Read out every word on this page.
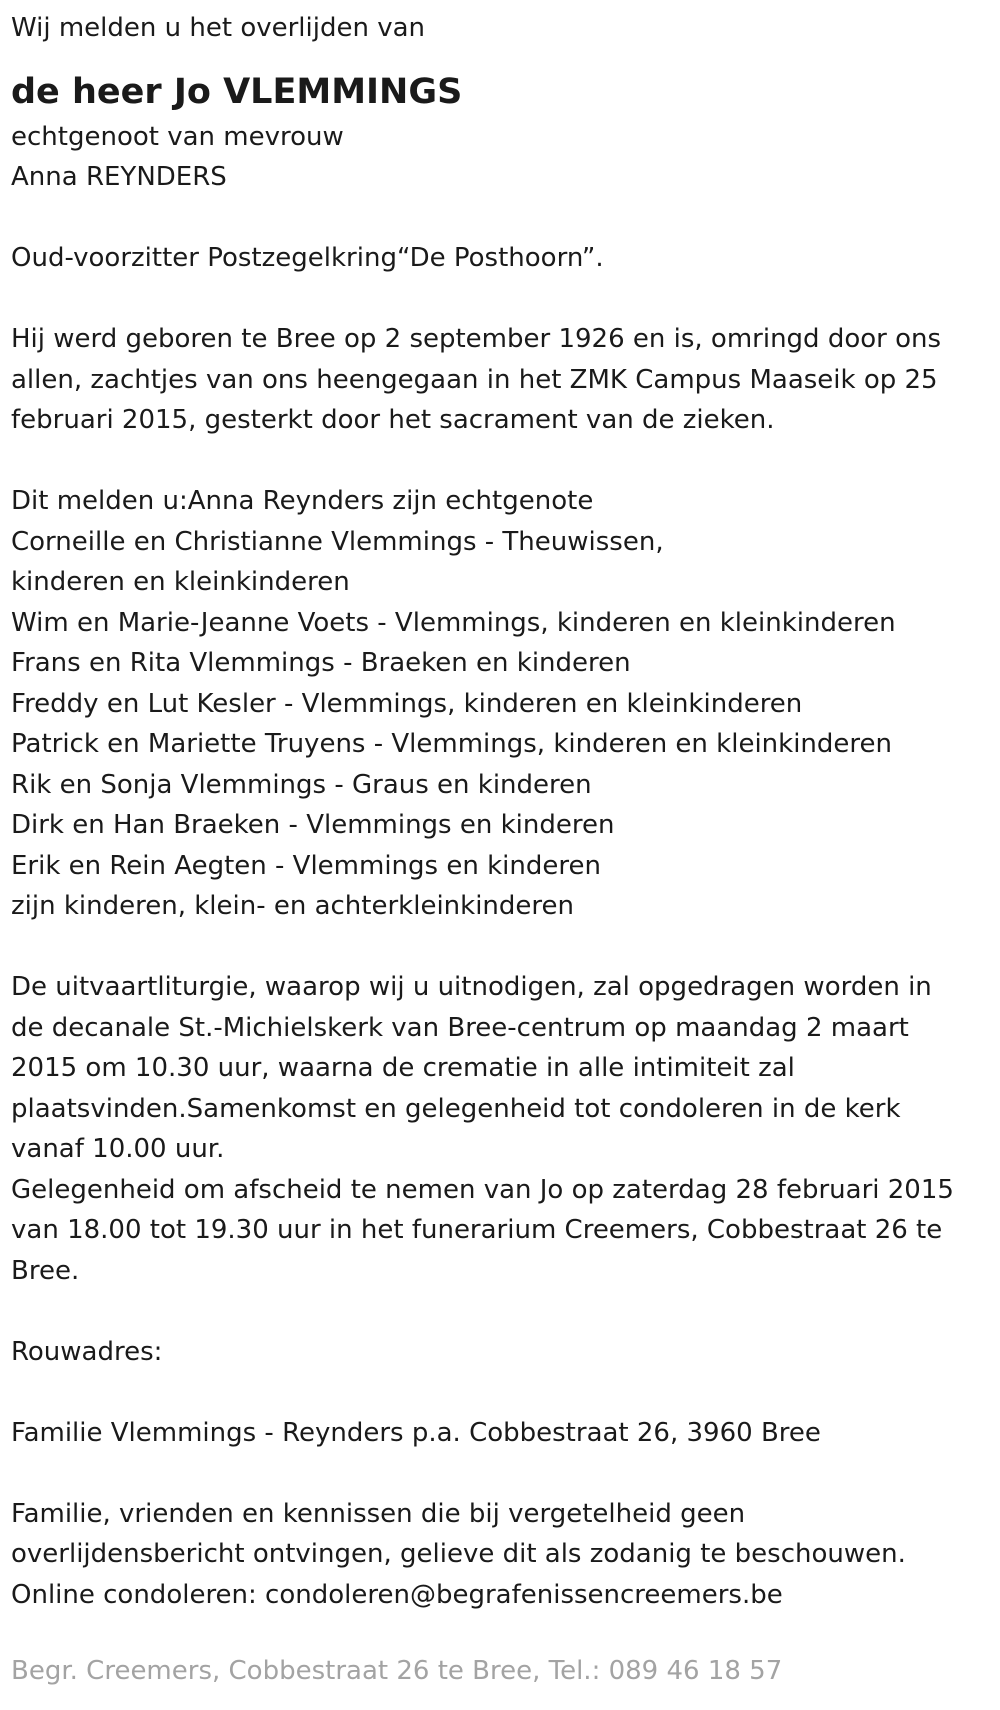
Wij melden u het overlijden van

de heer Jo VLEMMINGS

echtgenoot van mevrouw

Anna REYNDERS

Oud-voorzitter Postzegelkring“De Posthoorn”.

Hij werd geboren te Bree op 2 september 1926 en is, omringd door ons

allen, zachtjes van ons heengegaan in het ZMK Campus Maaseik op 25

februari 2015, gesterkt door het sacrament van de zieken.

Dit melden u:Anna Reynders zijn echtgenote

Corneille en Christianne Vlemmings - Theuwissen,

kinderen en kleinkinderen

Wim en Marie-Jeanne Voets - Vlemmings, kinderen en kleinkinderen

Frans en Rita Vlemmings - Braeken en kinderen

Freddy en Lut Kesler - Vlemmings, kinderen en kleinkinderen

Patrick en Mariette Truyens - Vlemmings, kinderen en kleinkinderen

Rik en Sonja Vlemmings - Graus en kinderen

Dirk en Han Braeken - Vlemmings en kinderen

Erik en Rein Aegten - Vlemmings en kinderen

zijn kinderen, klein- en achterkleinkinderen

De uitvaartliturgie, waarop wij u uitnodigen, zal opgedragen worden in

de decanale St.-Michielskerk van Bree-centrum op maandag 2 maart

2015 om 10.30 uur, waarna de crematie in alle intimiteit zal

plaatsvinden.Samenkomst en gelegenheid tot condoleren in de kerk

vanaf 10.00 uur.

Gelegenheid om afscheid te nemen van Jo op zaterdag 28 februari 2015

van 18.00 tot 19.30 uur in het funerarium Creemers, Cobbestraat 26 te

Bree.

Rouwadres:

Familie Vlemmings - Reynders p.a. Cobbestraat 26, 3960 Bree

Familie, vrienden en kennissen die bij vergetelheid geen

overlijdensbericht ontvingen, gelieve dit als zodanig te beschouwen.

Online condoleren: condoleren@begrafenissencreemers.be

Begr. Creemers, Cobbestraat 26 te Bree, Tel.: 089 46 18 57
